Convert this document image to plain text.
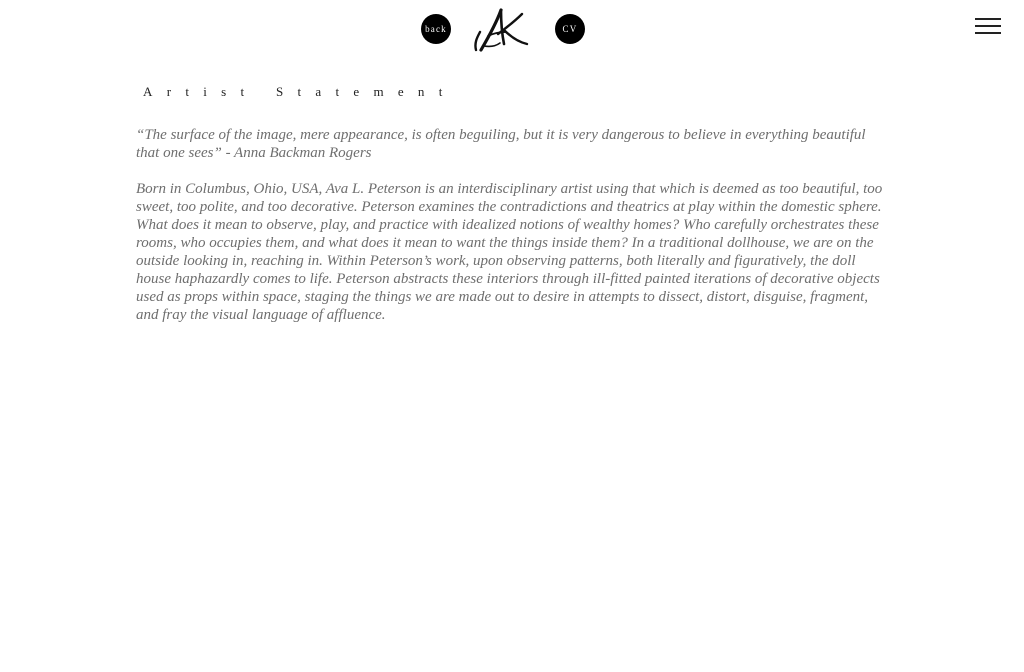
back	CV
Artist Statement

“The surface of the image, mere appearance, is often beguiling, but it is very dangerous to believe in everything beautiful that one sees” - Anna Backman Rogers

Born in Columbus, Ohio, USA, Ava L. Peterson is an interdisciplinary artist using that which is deemed as too beautiful, too sweet, too polite, and too decorative. Peterson examines the contradictions and theatrics at play within the domestic sphere. What does it mean to observe, play, and practice with idealized notions of wealthy homes? Who carefully orchestrates these rooms, who occupies them, and what does it mean to want the things inside them? In a traditional dollhouse, we are on the outside looking in, reaching in. Within Peterson’s work, upon observing patterns, both literally and figuratively, the doll house haphazardly comes to life. Peterson abstracts these interiors through ill-fitted painted iterations of decorative objects used as props within space, staging the things we are made out to desire in attempts to dissect, distort, disguise, fragment, and fray the visual language of affluence.
